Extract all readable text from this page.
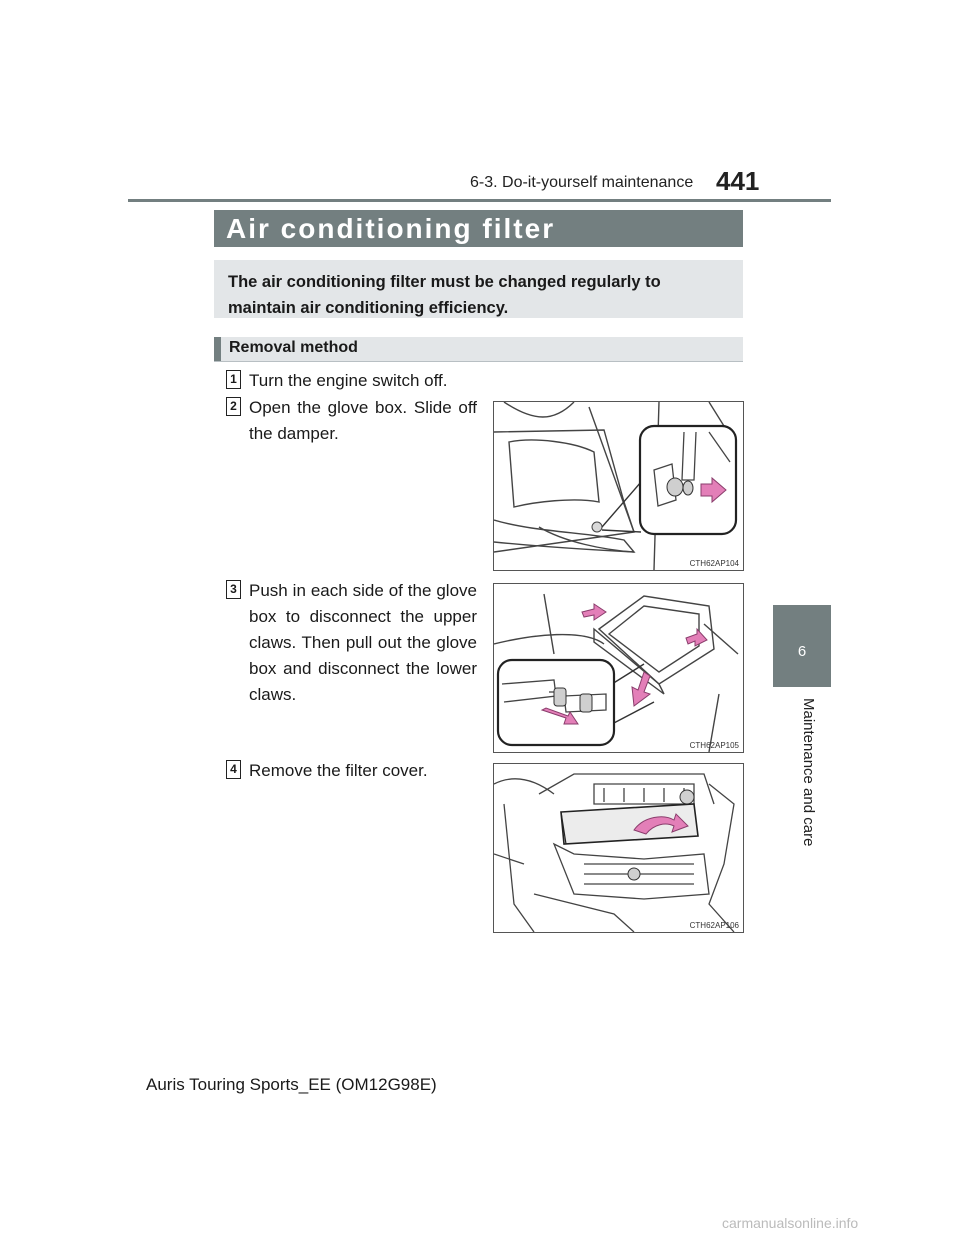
6-3. Do-it-yourself maintenance 441
6
Maintenance and care
Air conditioning filter

The air conditioning filter must be changed regularly to maintain air conditioning efficiency.

Removal method
1 Turn the engine switch off.
2 Open the glove box. Slide off the damper.
CTH62AP104
3 Push in each side of the glove box to disconnect the upper claws. Then pull out the glove box and disconnect the lower claws.
CTH62AP105
4 Remove the filter cover.
CTH62AP106
Auris Touring Sports_EE (OM12G98E)
carmanualsonline.info
